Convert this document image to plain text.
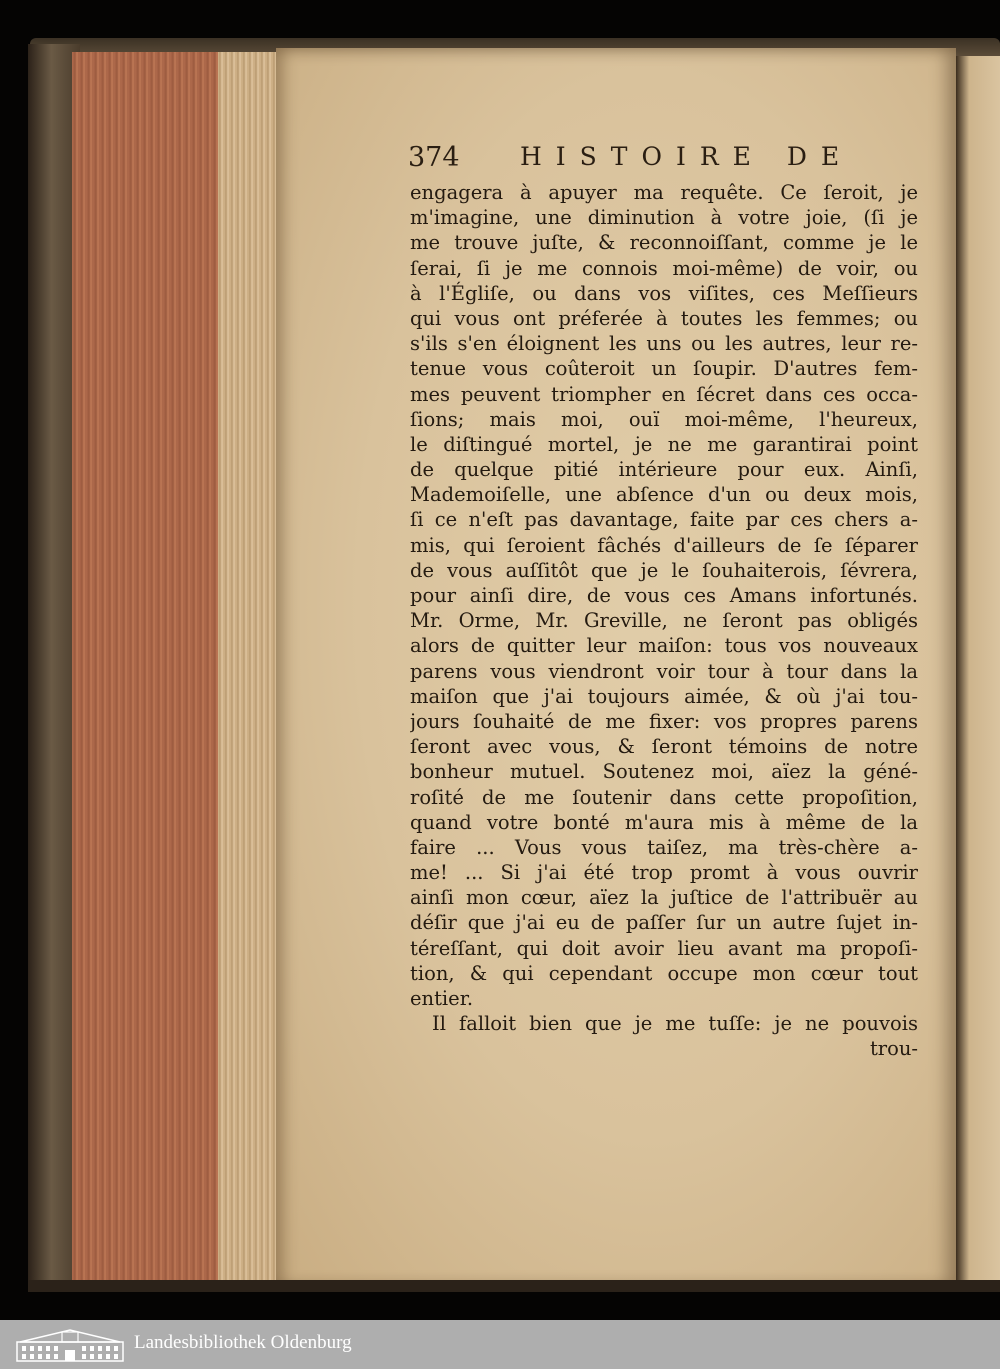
374 HISTOIRE DE
engagera à apuyer ma requête. Ce ſeroit, je
m'imagine, une diminution à votre joie, (ſi je
me trouve juſte, & reconnoiſſant, comme je le
ſerai, ſi je me connois moi-même) de voir, ou
à l'Égliſe, ou dans vos viſites, ces Meſſieurs
qui vous ont préferée à toutes les femmes; ou
s'ils s'en éloignent les uns ou les autres, leur re-
tenue vous coûteroit un ſoupir. D'autres fem-
mes peuvent triompher en ſécret dans ces occa-
ſions; mais moi, ouï moi-même, l'heureux,
le diſtingué mortel, je ne me garantirai point
de quelque pitié intérieure pour eux. Ainſi,
Mademoiſelle, une abſence d'un ou deux mois,
ſi ce n'eſt pas davantage, faite par ces chers a-
mis, qui ſeroient fâchés d'ailleurs de ſe ſéparer
de vous auſſitôt que je le ſouhaiterois, ſévrera,
pour ainſi dire, de vous ces Amans infortunés.
Mr. Orme, Mr. Greville, ne ſeront pas obligés
alors de quitter leur maiſon: tous vos nouveaux
parens vous viendront voir tour à tour dans la
maiſon que j'ai toujours aimée, & où j'ai tou-
jours ſouhaité de me fixer: vos propres parens
ſeront avec vous, & ſeront témoins de notre
bonheur mutuel. Soutenez moi, aïez la géné-
roſité de me ſoutenir dans cette propoſition,
quand votre bonté m'aura mis à même de la
faire ... Vous vous taiſez, ma très-chère a-
me! ... Si j'ai été trop promt à vous ouvrir
ainſi mon cœur, aïez la juſtice de l'attribuër au
déſir que j'ai eu de paſſer ſur un autre ſujet in-
téreſſant, qui doit avoir lieu avant ma propoſi-
tion, & qui cependant occupe mon cœur tout
entier.
Il falloit bien que je me tuſſe: je ne pouvois
trou-
Landesbibliothek Oldenburg
